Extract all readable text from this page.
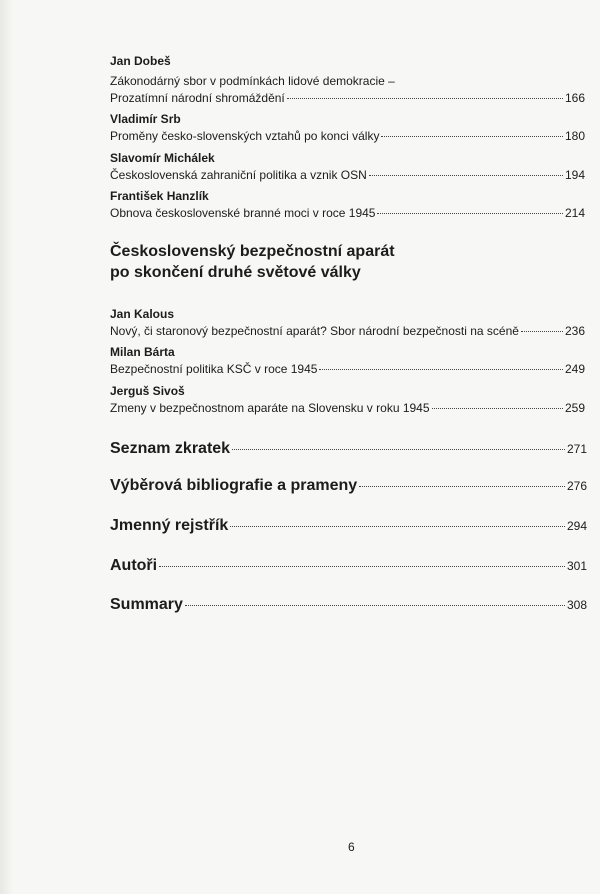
Jan Dobeš
Zákonodárný sbor v podmínkách lidové demokracie –
Prozatímní národní shromáždění	166
Vladimír Srb
Proměny česko-slovenských vztahů po konci války	180
Slavomír Michálek
Československá zahraniční politika a vznik OSN	194
František Hanzlík
Obnova československé branné moci v roce 1945	214
Československý bezpečnostní aparát
po skončení druhé světové války
Jan Kalous
Nový, či staronový bezpečnostní aparát? Sbor národní bezpečnosti na scéně	236
Milan Bárta
Bezpečnostní politika KSČ v roce 1945	249
Jerguš Sivoš
Zmeny v bezpečnostnom aparáte na Slovensku v roku 1945	259
Seznam zkratek	271
Výběrová bibliografie a prameny	276
Jmenný rejstřík	294
Autoři	301
Summary	308
6
